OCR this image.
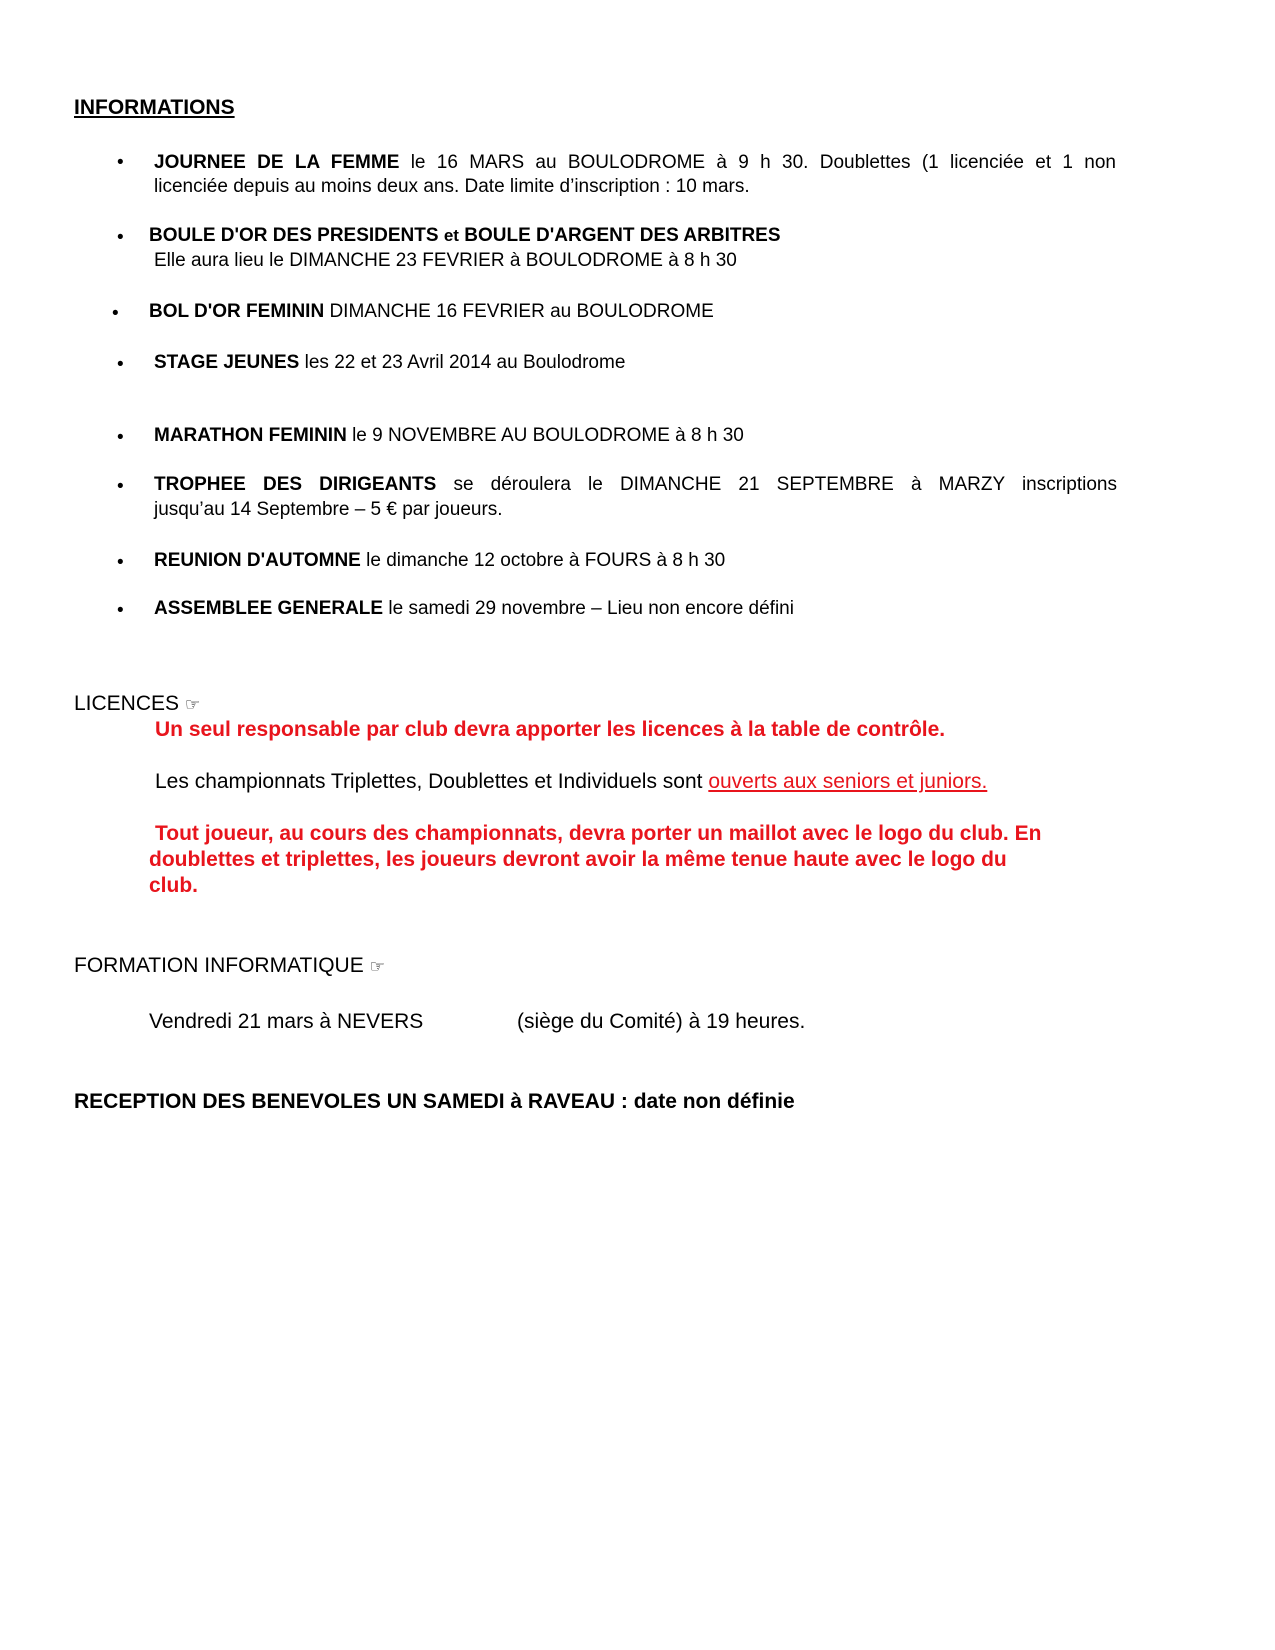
INFORMATIONS
• JOURNEE DE LA FEMME le 16 MARS au BOULODROME à 9 h 30. Doublettes (1 licenciée et 1 non
licenciée depuis au moins deux ans. Date limite d’inscription : 10 mars.
• BOULE D'OR DES PRESIDENTS et BOULE D'ARGENT DES ARBITRES
Elle aura lieu le DIMANCHE 23 FEVRIER à BOULODROME à 8 h 30
• BOL D'OR FEMININ DIMANCHE 16 FEVRIER au BOULODROME
• STAGE JEUNES les 22 et 23 Avril 2014 au Boulodrome
• MARATHON FEMININ le 9 NOVEMBRE AU BOULODROME à 8 h 30
• TROPHEE DES DIRIGEANTS se déroulera le DIMANCHE 21 SEPTEMBRE à MARZY inscriptions
jusqu’au 14 Septembre – 5 € par joueurs.
• REUNION D'AUTOMNE le dimanche 12 octobre à FOURS à 8 h 30
• ASSEMBLEE GENERALE le samedi 29 novembre – Lieu non encore défini
LICENCES ☞
Un seul responsable par club devra apporter les licences à la table de contrôle.
Les championnats Triplettes, Doublettes et Individuels sont ouverts aux seniors et juniors.
Tout joueur, au cours des championnats, devra porter un maillot avec le logo du club. En
doublettes et triplettes, les joueurs devront avoir la même tenue haute avec le logo du
club.
FORMATION INFORMATIQUE ☞
Vendredi 21 mars à NEVERS	(siège du Comité) à 19 heures.
RECEPTION DES BENEVOLES UN SAMEDI à RAVEAU : date non définie
